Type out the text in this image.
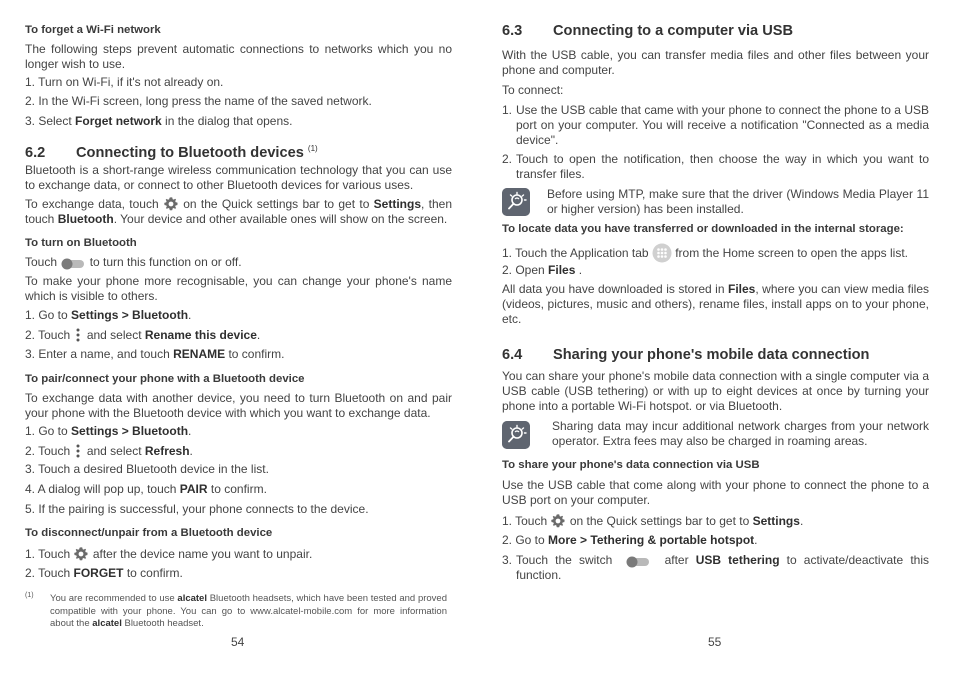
To forget a Wi-Fi network

The following steps prevent automatic connections to networks which you no longer wish to use.

1. Turn on Wi-Fi, if it's not already on.

2. In the Wi-Fi screen, long press the name of the saved network.

3. Select Forget network in the dialog that opens.

6.2 Connecting to Bluetooth devices $^{(1)}$

Bluetooth is a short-range wireless communication technology that you can use to exchange data, or connect to other Bluetooth devices for various uses.

To exchange data, touch  on the Quick settings bar to get to Settings, then touch Bluetooth. Your device and other available ones will show on the screen.

To turn on Bluetooth

Touch  to turn this function on or off.

To make your phone more recognisable, you can change your phone's name which is visible to others.

1. Go to Settings > Bluetooth.

2. Touch  and select Rename this device.

3. Enter a name, and touch RENAME to confirm.

To pair/connect your phone with a Bluetooth device

To exchange data with another device, you need to turn Bluetooth on and pair your phone with the Bluetooth device with which you want to exchange data.

1. Go to Settings > Bluetooth.

2. Touch  and select Refresh.

3. Touch a desired Bluetooth device in the list.

4. A dialog will pop up, touch PAIR to confirm.

5. If the pairing is successful, your phone connects to the device.

To disconnect/unpair from a Bluetooth device

1. Touch  after the device name you want to unpair.

2. Touch FORGET to confirm.

(1) You are recommended to use alcatel Bluetooth headsets, which have been tested and proved compatible with your phone. You can go to www.alcatel-mobile.com for more information about the alcatel Bluetooth headset.
54

6.3 Connecting to a computer via USB

With the USB cable, you can transfer media files and other files between your phone and computer.

To connect:

1. Use the USB cable that came with your phone to connect the phone to a USB port on your computer. You will receive a notification "Connected as a media device".
2. Touch to open the notification, then choose the way in which you want to transfer files.

Before using MTP, make sure that the driver (Windows Media Player 11 or higher version) has been installed.

To locate data you have transferred or downloaded in the internal storage:

1. Touch the Application tab  from the Home screen to open the apps list.

2. Open Files .

All data you have downloaded is stored in Files, where you can view media files (videos, pictures, music and others), rename files, install apps on to your phone, etc.

6.4 Sharing your phone's mobile data connection

You can share your phone's mobile data connection with a single computer via a USB cable (USB tethering) or with up to eight devices at once by turning your phone into a portable Wi-Fi hotspot. or via Bluetooth.

Sharing data may incur additional network charges from your network operator. Extra fees may also be charged in roaming areas.

To share your phone's data connection via USB

Use the USB cable that come along with your phone to connect the phone to a USB port on your computer.

1. Touch  on the Quick settings bar to get to Settings.

2. Go to More > Tethering & portable hotspot.

3. Touch the switch	after USB tethering to activate/deactivate this function.
55
